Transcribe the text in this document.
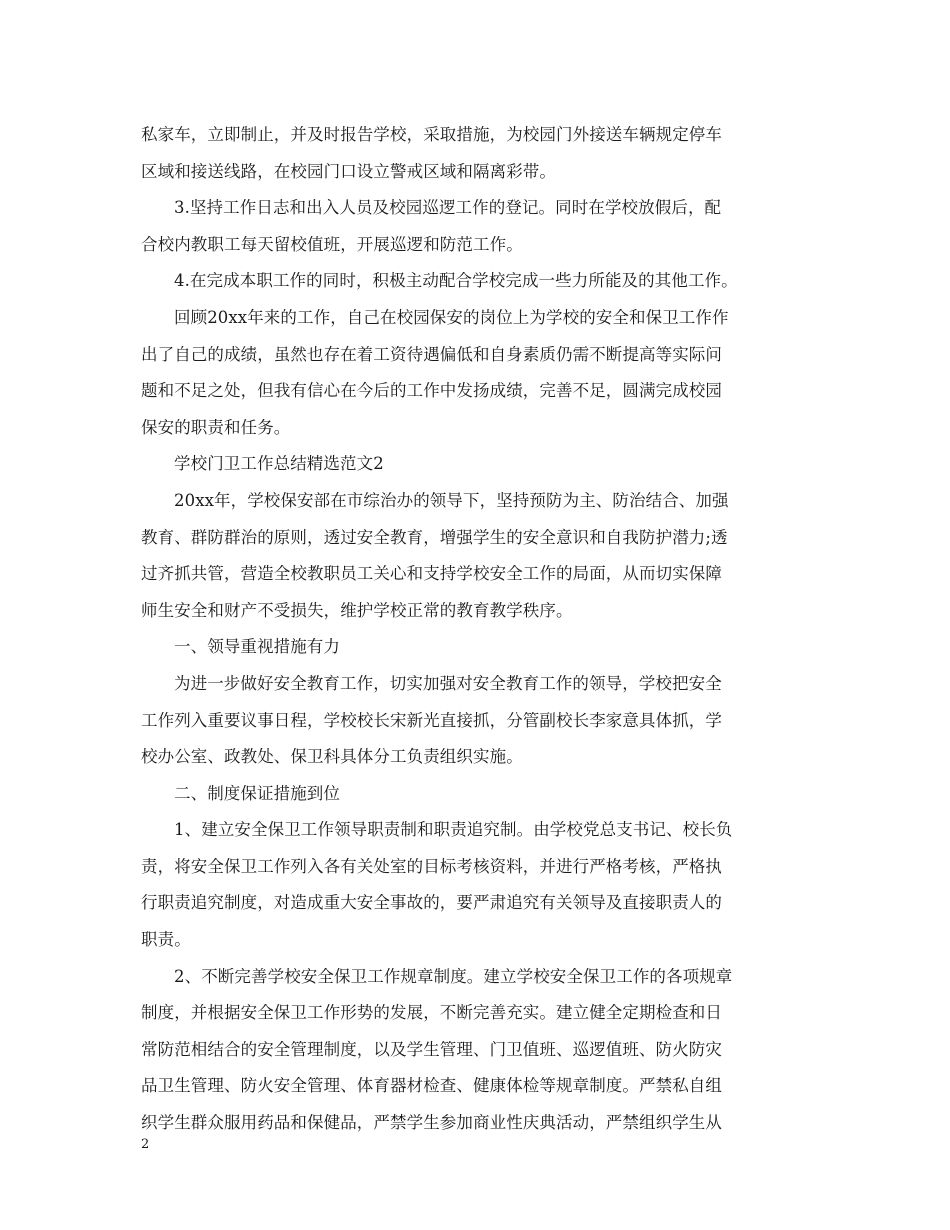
私家车，立即制止，并及时报告学校，采取措施，为校园门外接送车辆规定停车
区域和接送线路，在校园门口设立警戒区域和隔离彩带。
3.坚持工作日志和出入人员及校园巡逻工作的登记。同时在学校放假后，配
合校内教职工每天留校值班，开展巡逻和防范工作。
4.在完成本职工作的同时，积极主动配合学校完成一些力所能及的其他工作。
回顾20xx年来的工作，自己在校园保安的岗位上为学校的安全和保卫工作作
出了自己的成绩，虽然也存在着工资待遇偏低和自身素质仍需不断提高等实际问
题和不足之处，但我有信心在今后的工作中发扬成绩，完善不足，圆满完成校园
保安的职责和任务。
学校门卫工作总结精选范文2
20xx年，学校保安部在市综治办的领导下，坚持预防为主、防治结合、加强
教育、群防群治的原则，透过安全教育，增强学生的安全意识和自我防护潜力;透
过齐抓共管，营造全校教职员工关心和支持学校安全工作的局面，从而切实保障
师生安全和财产不受损失，维护学校正常的教育教学秩序。
一、领导重视措施有力
为进一步做好安全教育工作，切实加强对安全教育工作的领导，学校把安全
工作列入重要议事日程，学校校长宋新光直接抓，分管副校长李家意具体抓，学
校办公室、政教处、保卫科具体分工负责组织实施。
二、制度保证措施到位
1、建立安全保卫工作领导职责制和职责追究制。由学校党总支书记、校长负
责，将安全保卫工作列入各有关处室的目标考核资料，并进行严格考核，严格执
行职责追究制度，对造成重大安全事故的，要严肃追究有关领导及直接职责人的
职责。
2、不断完善学校安全保卫工作规章制度。建立学校安全保卫工作的各项规章
制度，并根据安全保卫工作形势的发展，不断完善充实。建立健全定期检查和日
常防范相结合的安全管理制度，以及学生管理、门卫值班、巡逻值班、防火防灾
品卫生管理、防火安全管理、体育器材检查、健康体检等规章制度。严禁私自组
织学生群众服用药品和保健品，严禁学生参加商业性庆典活动，严禁组织学生从
2
